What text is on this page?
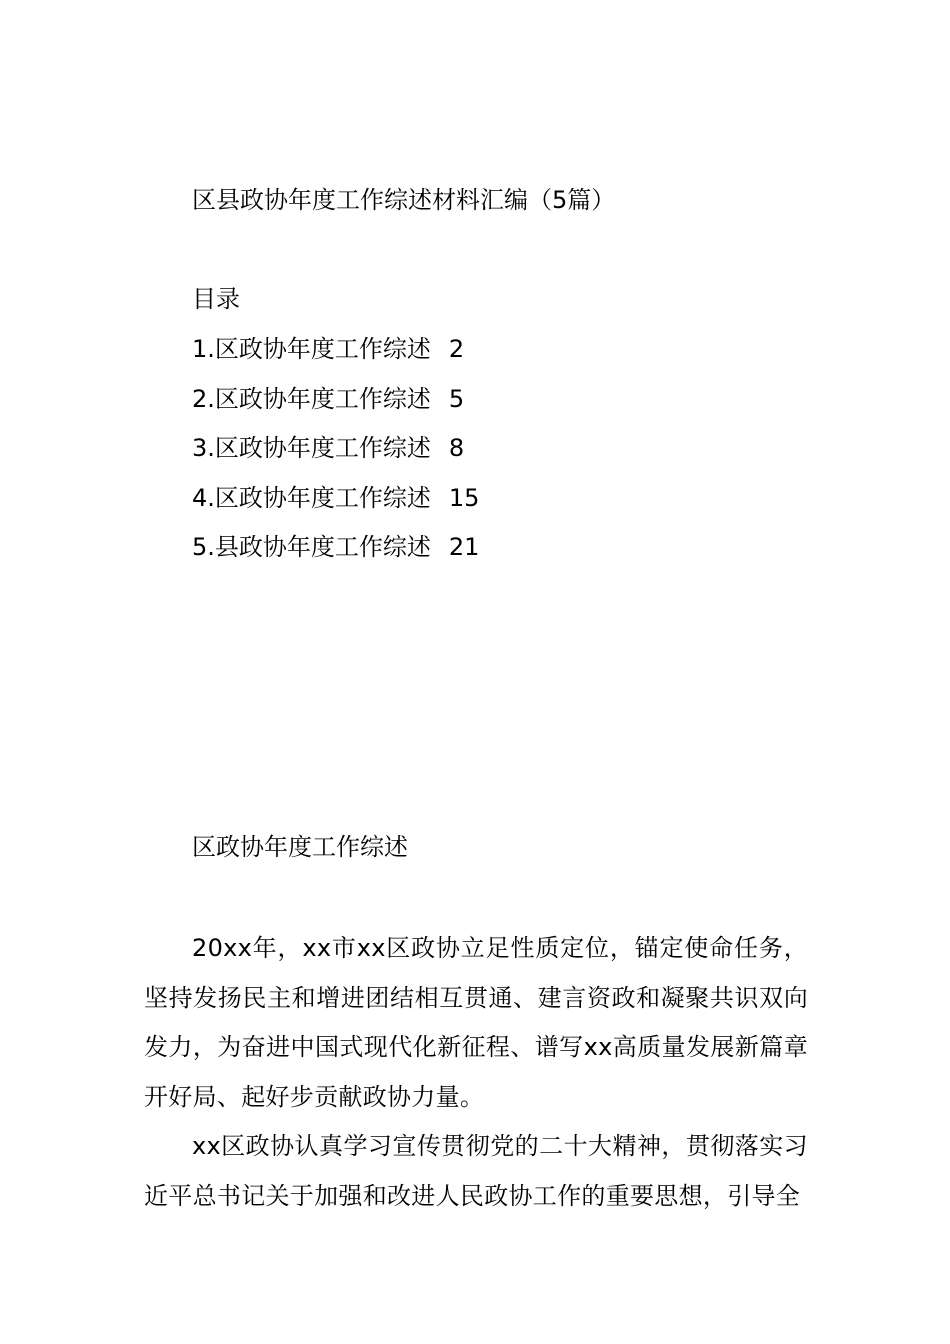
区县政协年度工作综述材料汇编（5篇）
目录
1.区政协年度工作综述 2
2.区政协年度工作综述 5
3.区政协年度工作综述 8
4.区政协年度工作综述 15
5.县政协年度工作综述 21
区政协年度工作综述

20xx年，xx市xx区政协立足性质定位，锚定使命任务，坚持发扬民主和增进团结相互贯通、建言资政和凝聚共识双向发力，为奋进中国式现代化新征程、谱写xx高质量发展新篇章开好局、起好步贡献政协力量。

xx区政协认真学习宣传贯彻党的二十大精神，贯彻落实习近平总书记关于加强和改进人民政协工作的重要思想，引导全
